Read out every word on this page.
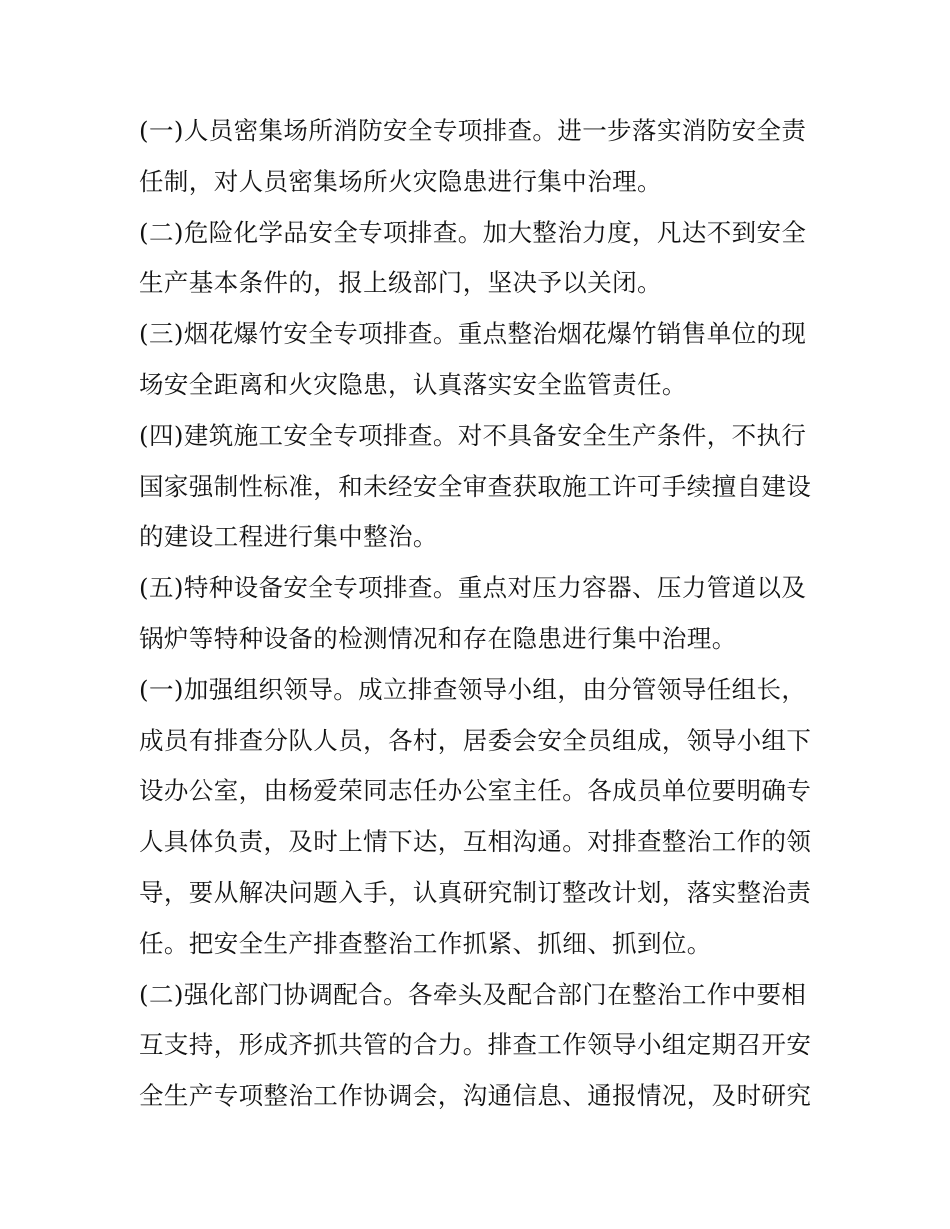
(一)人员密集场所消防安全专项排查。进一步落实消防安全责任制，对人员密集场所火灾隐患进行集中治理。

(二)危险化学品安全专项排查。加大整治力度，凡达不到安全生产基本条件的，报上级部门，坚决予以关闭。

(三)烟花爆竹安全专项排查。重点整治烟花爆竹销售单位的现场安全距离和火灾隐患，认真落实安全监管责任。

(四)建筑施工安全专项排查。对不具备安全生产条件，不执行国家强制性标准，和未经安全审查获取施工许可手续擅自建设的建设工程进行集中整治。

(五)特种设备安全专项排查。重点对压力容器、压力管道以及锅炉等特种设备的检测情况和存在隐患进行集中治理。

(一)加强组织领导。成立排查领导小组，由分管领导任组长，成员有排查分队人员，各村，居委会安全员组成，领导小组下设办公室，由杨爱荣同志任办公室主任。各成员单位要明确专人具体负责，及时上情下达，互相沟通。对排查整治工作的领导，要从解决问题入手，认真研究制订整改计划，落实整治责任。把安全生产排查整治工作抓紧、抓细、抓到位。

(二)强化部门协调配合。各牵头及配合部门在整治工作中要相互支持，形成齐抓共管的合力。排查工作领导小组定期召开安全生产专项整治工作协调会，沟通信息、通报情况，及时研究
